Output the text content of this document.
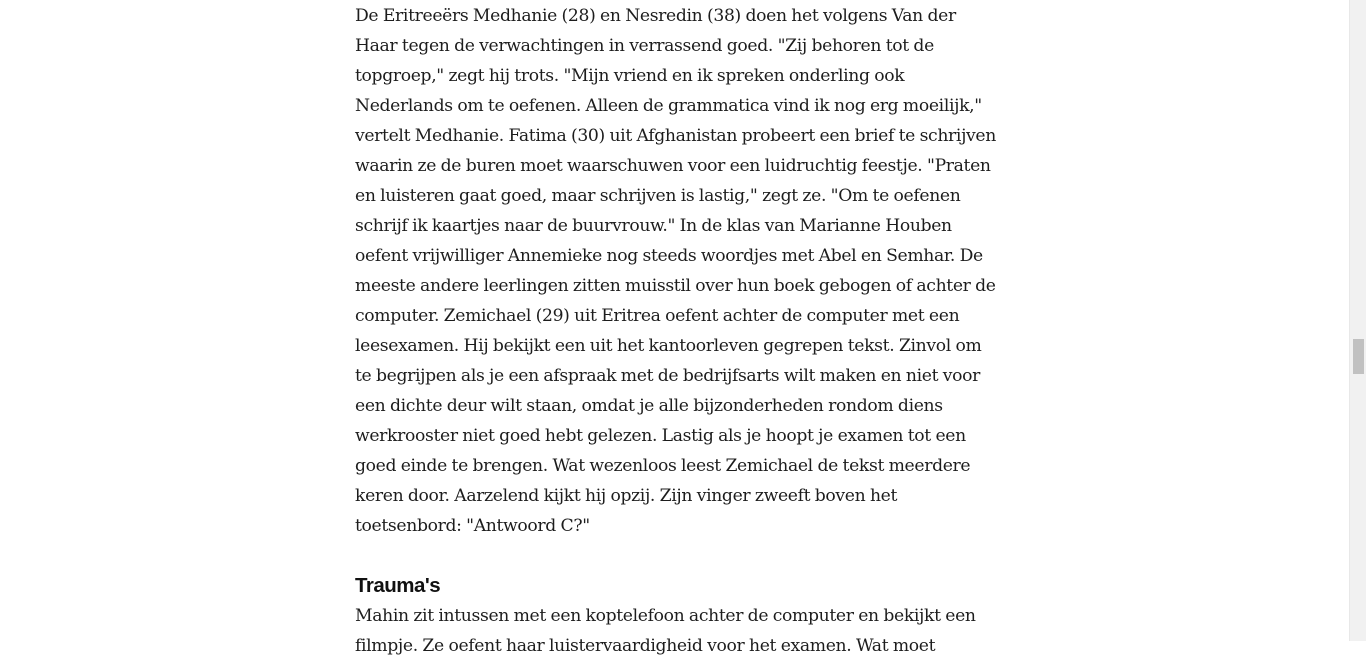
De Eritreeërs Medhanie (28) en Nesredin (38) doen het volgens Van der Haar tegen de verwachtingen in verrassend goed. "Zij behoren tot de topgroep," zegt hij trots. "Mijn vriend en ik spreken onderling ook Nederlands om te oefenen. Alleen de grammatica vind ik nog erg moeilijk," vertelt Medhanie. Fatima (30) uit Afghanistan probeert een brief te schrijven waarin ze de buren moet waarschuwen voor een luidruchtig feestje. "Praten en luisteren gaat goed, maar schrijven is lastig," zegt ze. "Om te oefenen schrijf ik kaartjes naar de buurvrouw." In de klas van Marianne Houben oefent vrijwilliger Annemieke nog steeds woordjes met Abel en Semhar. De meeste andere leerlingen zitten muisstil over hun boek gebogen of achter de computer. Zemichael (29) uit Eritrea oefent achter de computer met een leesexamen. Hij bekijkt een uit het kantoorleven gegrepen tekst. Zinvol om te begrijpen als je een afspraak met de bedrijfsarts wilt maken en niet voor een dichte deur wilt staan, omdat je alle bijzonderheden rondom diens werkrooster niet goed hebt gelezen. Lastig als je hoopt je examen tot een goed einde te brengen. Wat wezenloos leest Zemichael de tekst meerdere keren door. Aarzelend kijkt hij opzij. Zijn vinger zweeft boven het toetsenbord: "Antwoord C?"

Trauma's

Mahin zit intussen met een koptelefoon achter de computer en bekijkt een filmpje. Ze oefent haar luistervaardigheid voor het examen. Wat moet
